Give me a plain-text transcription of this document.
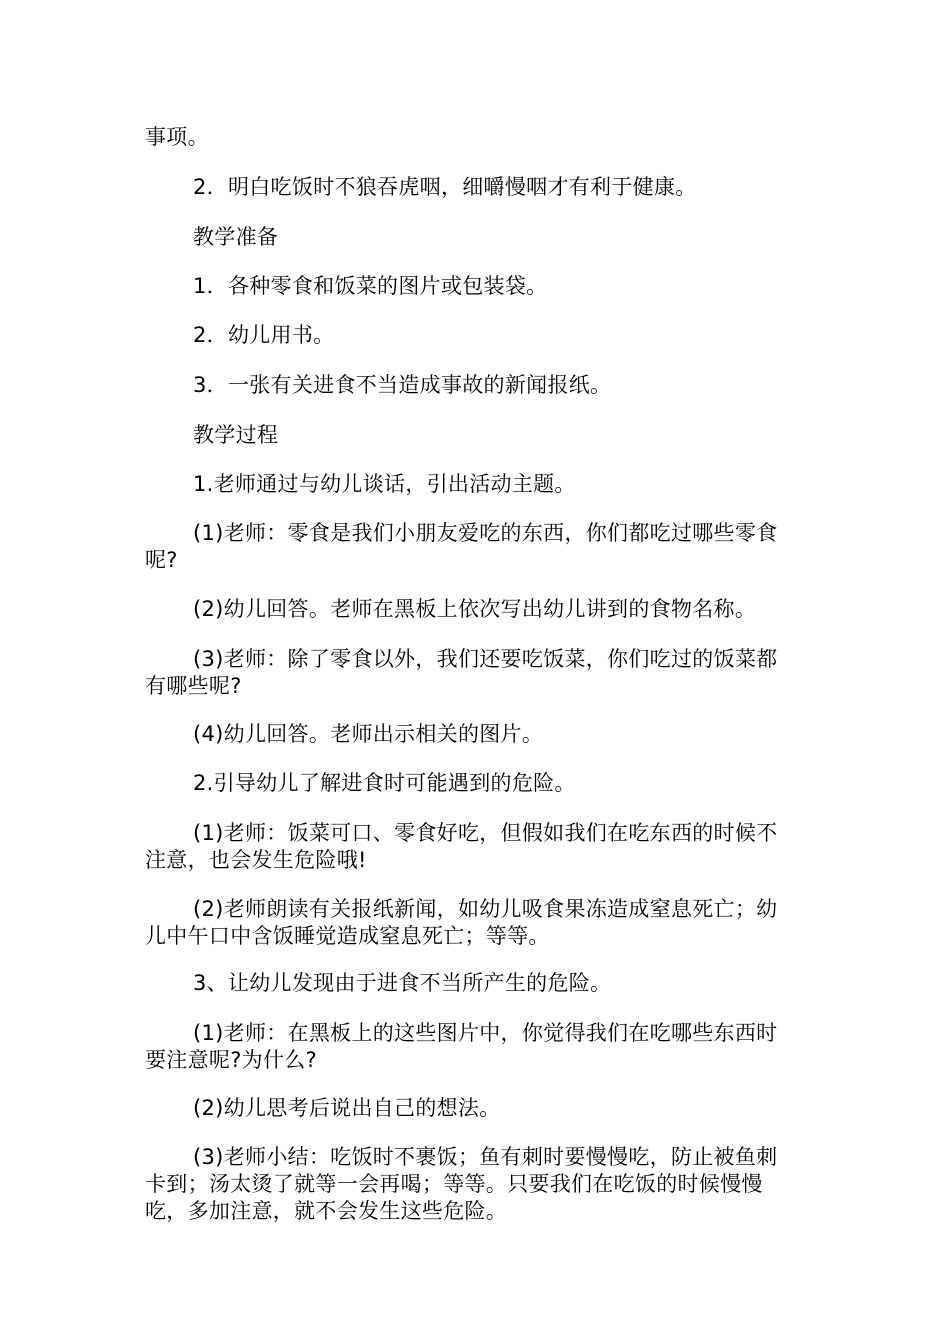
事项。
2．明白吃饭时不狼吞虎咽，细嚼慢咽才有利于健康。
教学准备
1．各种零食和饭菜的图片或包装袋。
2．幼儿用书。
3．一张有关进食不当造成事故的新闻报纸。
教学过程
1.老师通过与幼儿谈话，引出活动主题。
(1)老师：零食是我们小朋友爱吃的东西，你们都吃过哪些零食
呢?
(2)幼儿回答。老师在黑板上依次写出幼儿讲到的食物名称。
(3)老师：除了零食以外，我们还要吃饭菜，你们吃过的饭菜都
有哪些呢?
(4)幼儿回答。老师出示相关的图片。
2.引导幼儿了解进食时可能遇到的危险。
(1)老师：饭菜可口、零食好吃，但假如我们在吃东西的时候不
注意，也会发生危险哦!
(2)老师朗读有关报纸新闻，如幼儿吸食果冻造成窒息死亡；幼
儿中午口中含饭睡觉造成窒息死亡；等等。
3、让幼儿发现由于进食不当所产生的危险。
(1)老师：在黑板上的这些图片中，你觉得我们在吃哪些东西时
要注意呢?为什么?
(2)幼儿思考后说出自己的想法。
(3)老师小结：吃饭时不裹饭；鱼有刺时要慢慢吃，防止被鱼刺
卡到；汤太烫了就等一会再喝；等等。只要我们在吃饭的时候慢慢
吃，多加注意，就不会发生这些危险。
